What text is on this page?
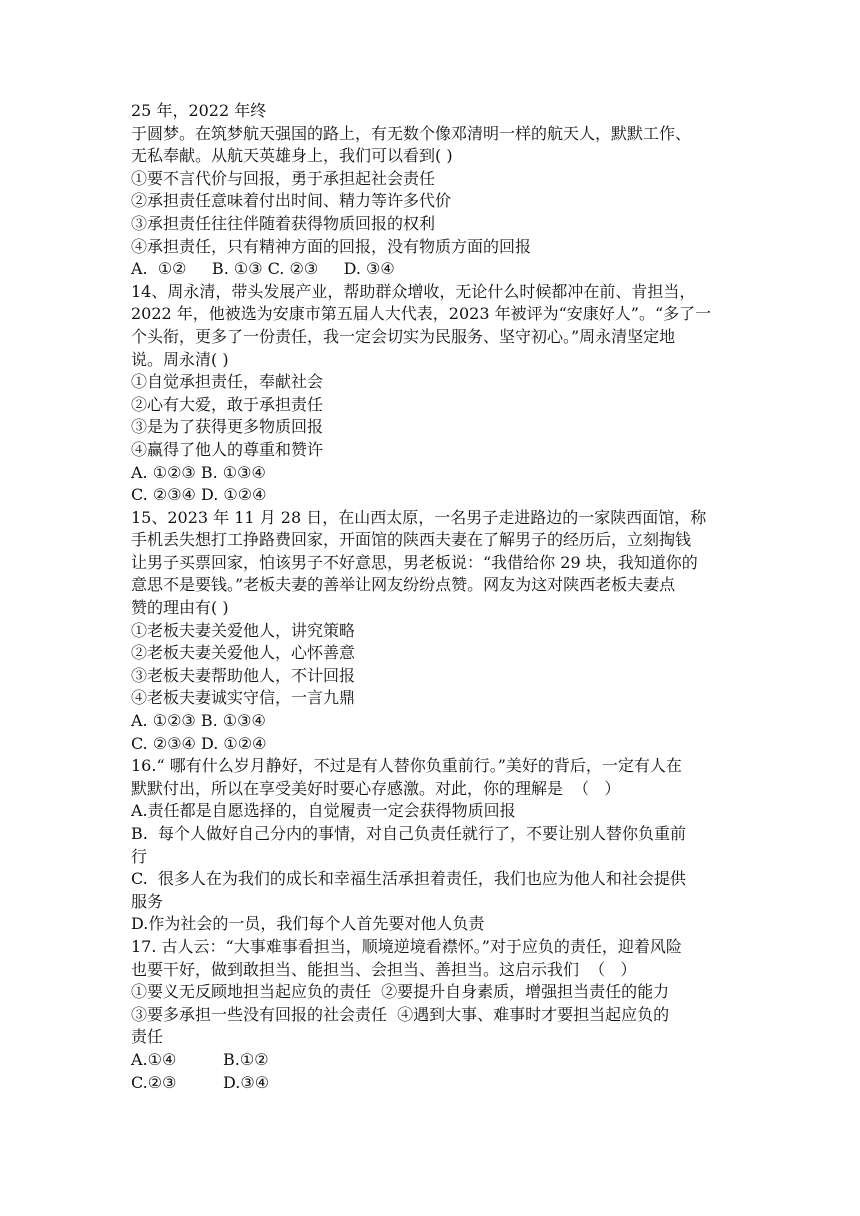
25 年，2022 年终
于圆梦。在筑梦航天强国的路上，有无数个像邓清明一样的航天人，默默工作、
无私奉献。从航天英雄身上，我们可以看到( )
①要不言代价与回报，勇于承担起社会责任
②承担责任意味着付出时间、精力等许多代价
③承担责任往往伴随着获得物质回报的权利
④承担责任，只有精神方面的回报，没有物质方面的回报
A.  ①②     B. ①③ C. ②③     D. ③④
14、周永清，带头发展产业，帮助群众增收，无论什么时候都冲在前、肯担当，
2022 年，他被选为安康市第五届人大代表，2023 年被评为“安康好人”。“多了一
个头衔，更多了一份责任，我一定会切实为民服务、坚守初心。”周永清坚定地
说。周永清( )
①自觉承担责任，奉献社会
②心有大爱，敢于承担责任
③是为了获得更多物质回报
④赢得了他人的尊重和赞许
A. ①②③ B. ①③④
C. ②③④ D. ①②④
15、2023 年 11 月 28 日，在山西太原，一名男子走进路边的一家陕西面馆，称
手机丢失想打工挣路费回家，开面馆的陕西夫妻在了解男子的经历后，立刻掏钱
让男子买票回家，怕该男子不好意思，男老板说：“我借给你 29 块，我知道你的
意思不是要钱。”老板夫妻的善举让网友纷纷点赞。网友为这对陕西老板夫妻点
赞的理由有( )
①老板夫妻关爱他人，讲究策略
②老板夫妻关爱他人，心怀善意
③老板夫妻帮助他人，不计回报
④老板夫妻诚实守信，一言九鼎
A. ①②③ B. ①③④
C. ②③④ D. ①②④
16.“ 哪有什么岁月静好，不过是有人替你负重前行。”美好的背后，一定有人在
默默付出，所以在享受美好时要心存感激。对此，你的理解是  （   ）
A.责任都是自愿选择的，自觉履责一定会获得物质回报
B.  每个人做好自己分内的事情，对自己负责任就行了，不要让别人替你负重前
行
C.  很多人在为我们的成长和幸福生活承担着责任，我们也应为他人和社会提供
服务
D.作为社会的一员，我们每个人首先要对他人负责
17. 古人云：“大事难事看担当，顺境逆境看襟怀。”对于应负的责任，迎着风险
也要干好，做到敢担当、能担当、会担当、善担当。这启示我们  （   ）
①要义无反顾地担当起应负的责任  ②要提升自身素质，增强担当责任的能力
③要多承担一些没有回报的社会责任  ④遇到大事、难事时才要担当起应负的
责任
A.①④	B.①②
C.②③	D.③④
